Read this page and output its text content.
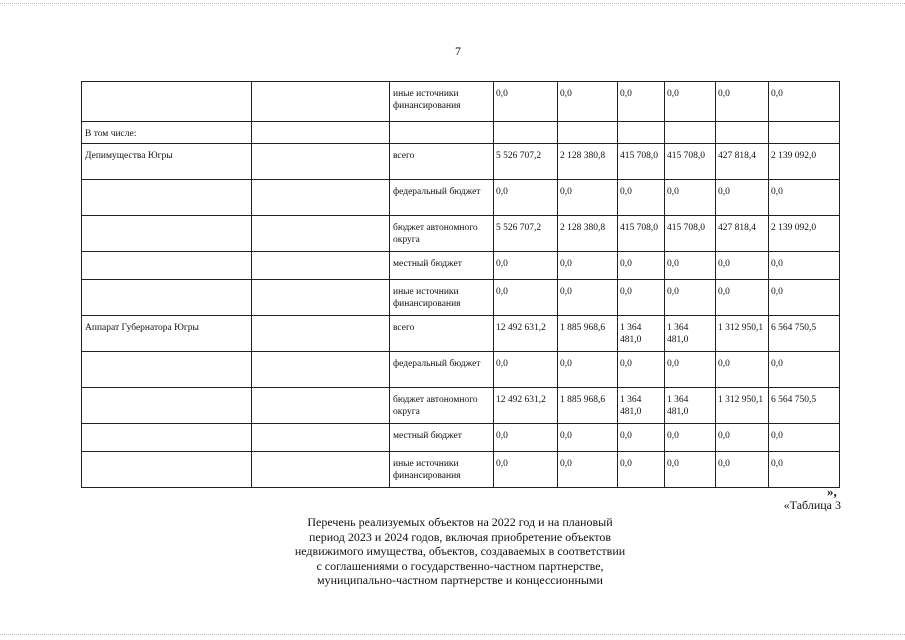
7
		иные источники финансирования	0,0	0,0	0,0	0,0	0,0	0,0
В том числе:								
Депимущества Югры		всего	5 526 707,2	2 128 380,8	415 708,0	415 708,0	427 818,4	2 139 092,0
		федеральный бюджет	0,0	0,0	0,0	0,0	0,0	0,0
		бюджет автономного округа	5 526 707,2	2 128 380,8	415 708,0	415 708,0	427 818,4	2 139 092,0
		местный бюджет	0,0	0,0	0,0	0,0	0,0	0,0
		иные источники финансирования	0,0	0,0	0,0	0,0	0,0	0,0
Аппарат Губернатора Югры		всего	12 492 631,2	1 885 968,6	1 364 481,0	1 364 481,0	1 312 950,1	6 564 750,5
		федеральный бюджет	0,0	0,0	0,0	0,0	0,0	0,0
		бюджет автономного округа	12 492 631,2	1 885 968,6	1 364 481,0	1 364 481,0	1 312 950,1	6 564 750,5
		местный бюджет	0,0	0,0	0,0	0,0	0,0	0,0
		иные источники финансирования	0,0	0,0	0,0	0,0	0,0	0,0
»,
«Таблица 3
Перечень реализуемых объектов на 2022 год и на плановый
период 2023 и 2024 годов, включая приобретение объектов
недвижимого имущества, объектов, создаваемых в соответствии
с соглашениями о государственно-частном партнерстве,
муниципально-частном партнерстве и концессионными
